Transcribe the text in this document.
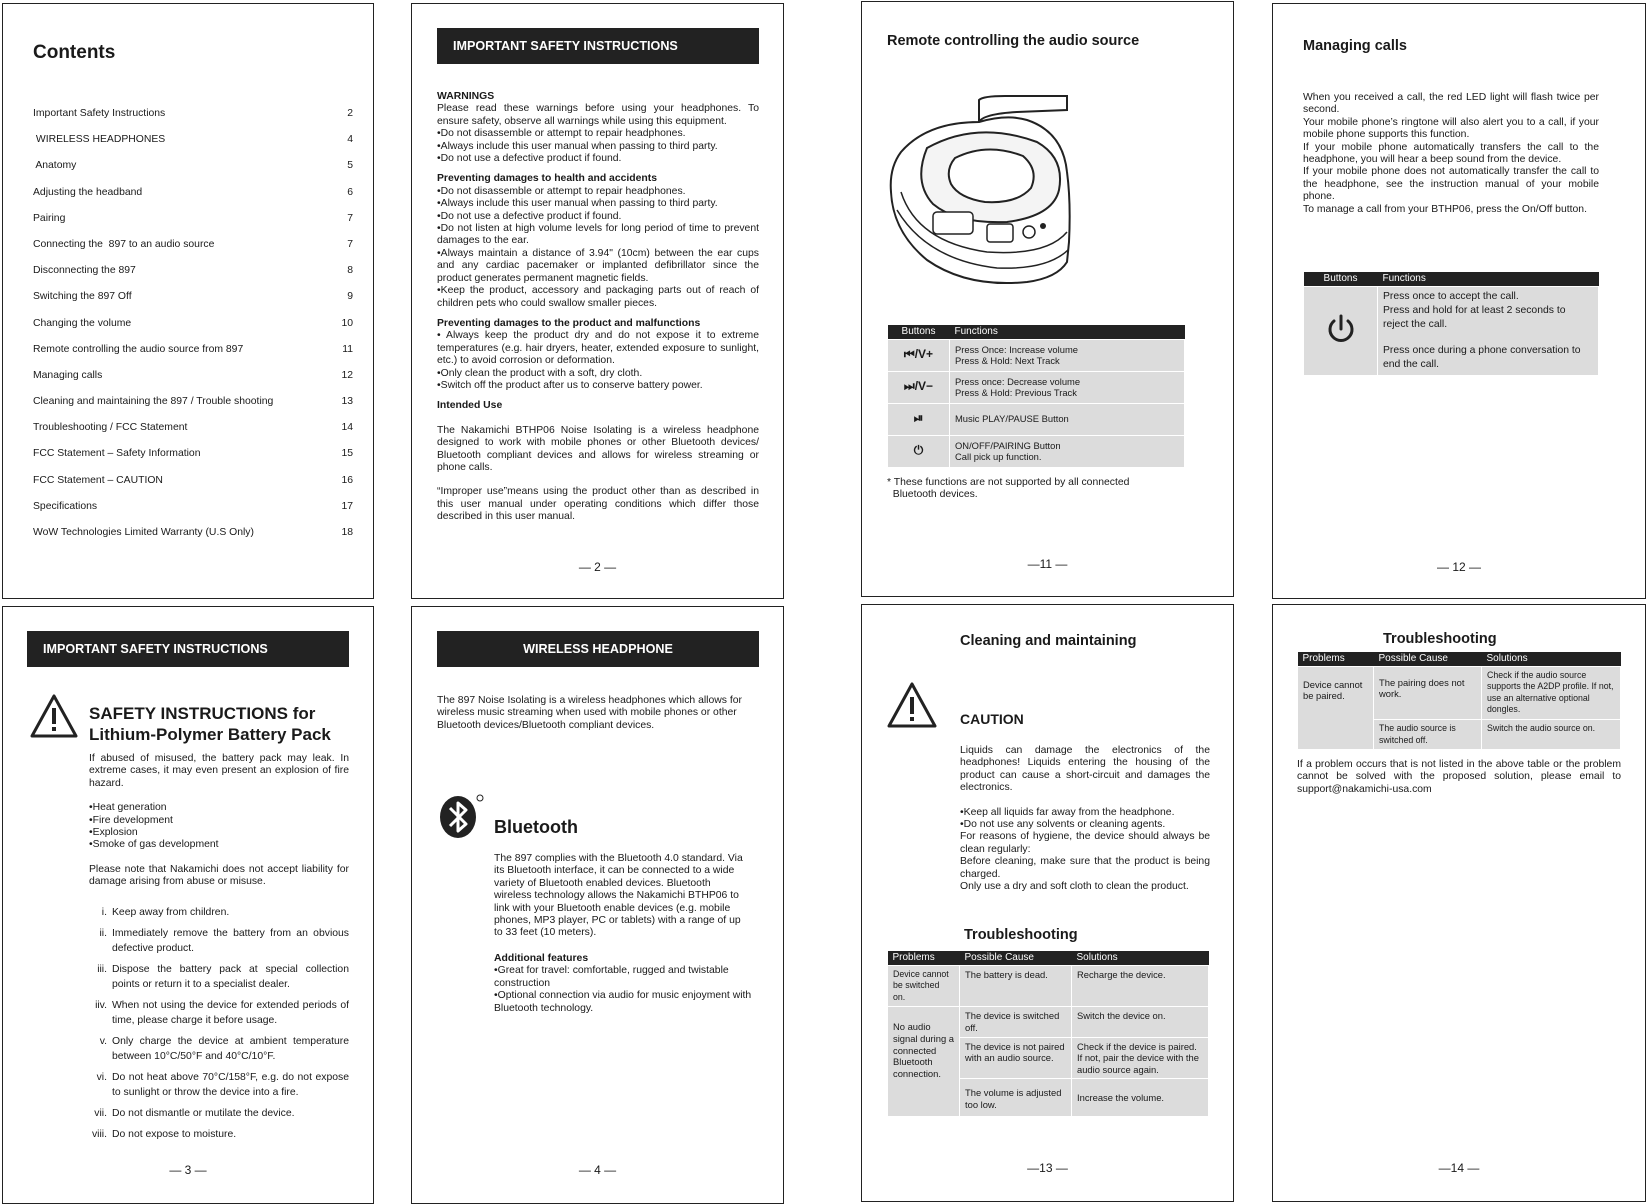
Contents
Important Safety Instructions	2
WIRELESS HEADPHONES	4
Anatomy	5
Adjusting the headband	6
Pairing	7
Connecting the  897 to an audio source	7
Disconnecting the 897	8
Switching the 897 Off	9
Changing the volume	10
Remote controlling the audio source from 897	11
Managing calls	12
Cleaning and maintaining the 897 / Trouble shooting	13
Troubleshooting / FCC Statement	14
FCC Statement – Safety Information	15
FCC Statement – CAUTION	16
Specifications	17
WoW Technologies Limited Warranty (U.S Only)	18
IMPORTANT SAFETY INSTRUCTIONS
WARNINGS
Please read these warnings before using your headphones. To ensure safety, observe all warnings while using this equipment.
•Do not disassemble or attempt to repair headphones.
•Always include this user manual when passing to third party.
•Do not use a defective product if found.
Preventing damages to health and accidents
•Do not disassemble or attempt to repair headphones.
•Always include this user manual when passing to third party.
•Do not use a defective product if found.
•Do not listen at high volume levels for long period of time to prevent damages to the ear.
•Always maintain a distance of 3.94" (10cm) between the ear cups and any cardiac pacemaker or implanted defibrillator since the product generates permanent magnetic fields.
•Keep the product, accessory and packaging parts out of reach of children pets who could swallow smaller pieces.
Preventing damages to the product and malfunctions
• Always keep the product dry and do not expose it to extreme temperatures (e.g. hair dryers, heater, extended exposure to sunlight, etc.) to avoid corrosion or deformation.
•Only clean the product with a soft, dry cloth.
•Switch off the product after us to conserve battery power.
Intended Use
The Nakamichi BTHP06 Noise Isolating is a wireless headphone designed to work with mobile phones or other Bluetooth devices/ Bluetooth compliant devices and allows for wireless streaming or phone calls.
“Improper use”means using the product other than as described in this user manual under operating conditions which differ those described in this user manual.
— 2 —
Remote controlling the audio source
Buttons	Functions
⏮/V+	Press Once: Increase volume
Press & Hold: Next Track

⏭/V−	Press once: Decrease volume
Press & Hold: Previous Track

⏯	Music PLAY/PAUSE Button

⏻	ON/OFF/PAIRING Button
Call pick up function.
* These functions are not supported by all connected
Bluetooth devices.
—11 —
Managing calls
When you received a call, the red LED light will flash twice per second.
Your mobile phone’s ringtone will also alert you to a call, if your mobile phone supports this function.
If your mobile phone automatically transfers the call to the headphone, you will hear a beep sound from the device.
If your mobile phone does not automatically transfer the call to the headphone, see the instruction manual of your mobile phone.
To manage a call from your BTHP06, press the On/Off button.
Buttons	Functions

Press once to accept the call.
Press and hold for at least 2 seconds to reject the call.
Press once during a phone conversation to end the call.
— 12 —
IMPORTANT SAFETY INSTRUCTIONS
SAFETY INSTRUCTIONS for
Lithium-Polymer Battery Pack
If abused of misused, the battery pack may leak. In extreme cases, it may even present an explosion of fire hazard.
•Heat generation
•Fire development
•Explosion
•Smoke of gas development
Please note that Nakamichi does not accept liability for damage arising from abuse or misuse.
i. Keep away from children.
ii. Immediately remove the battery from an obvious defective product.
iii. Dispose the battery pack at special collection points or return it to a specialist dealer.
iiv. When not using the device for extended periods of time, please charge it before usage.
v. Only charge the device at ambient temperature between 10°C/50°F and 40°C/10°F.
vi. Do not heat above 70°C/158°F, e.g. do not expose to sunlight or throw the device into a fire.
vii. Do not dismantle or mutilate the device.
viii. Do not expose to moisture.
— 3 —
WIRELESS HEADPHONE
The 897 Noise Isolating is a wireless headphones which allows for wireless music streaming when used with mobile phones or other Bluetooth devices/Bluetooth compliant devices.
Bluetooth
The 897 complies with the Bluetooth 4.0 standard. Via its Bluetooth interface, it can be connected to a wide variety of Bluetooth enabled devices. Bluetooth wireless technology allows the Nakamichi BTHP06 to link with your Bluetooth enable devices (e.g. mobile phones, MP3 player, PC or tablets) with a range of up to 33 feet (10 meters).
Additional features
•Great for travel: comfortable, rugged and twistable construction
•Optional connection via audio for music enjoyment with Bluetooth technology.
— 4 —
Cleaning and maintaining
CAUTION
Liquids can damage the electronics of the headphones! Liquids entering the housing of the product can cause a short-circuit and damages the electronics.
•Keep all liquids far away from the headphone.
•Do not use any solvents or cleaning agents.
For reasons of hygiene, the device should always be clean regularly:
Before cleaning, make sure that the product is being charged.
Only use a dry and soft cloth to clean the product.
Troubleshooting
Problems	Possible Cause	Solutions
Device cannot be switched on.	The battery is dead.	Recharge the device.
No audio signal during a connected Bluetooth connection.	The device is switched off.	Switch the device on.
	The device is not paired with an audio source.	Check if the device is paired. If not, pair the device with the audio source again.
	The volume is adjusted too low.	Increase the volume.
—13 —
Troubleshooting
Problems	Possible Cause	Solutions
Device cannot be paired.	The pairing does not work.	Check if the audio source supports the A2DP profile. If not, use an alternative optional dongles.
	The audio source is switched off.	Switch the audio source on.
If a problem occurs that is not listed in the above table or the problem cannot be solved with the proposed solution, please email to support@nakamichi-usa.com
—14 —
